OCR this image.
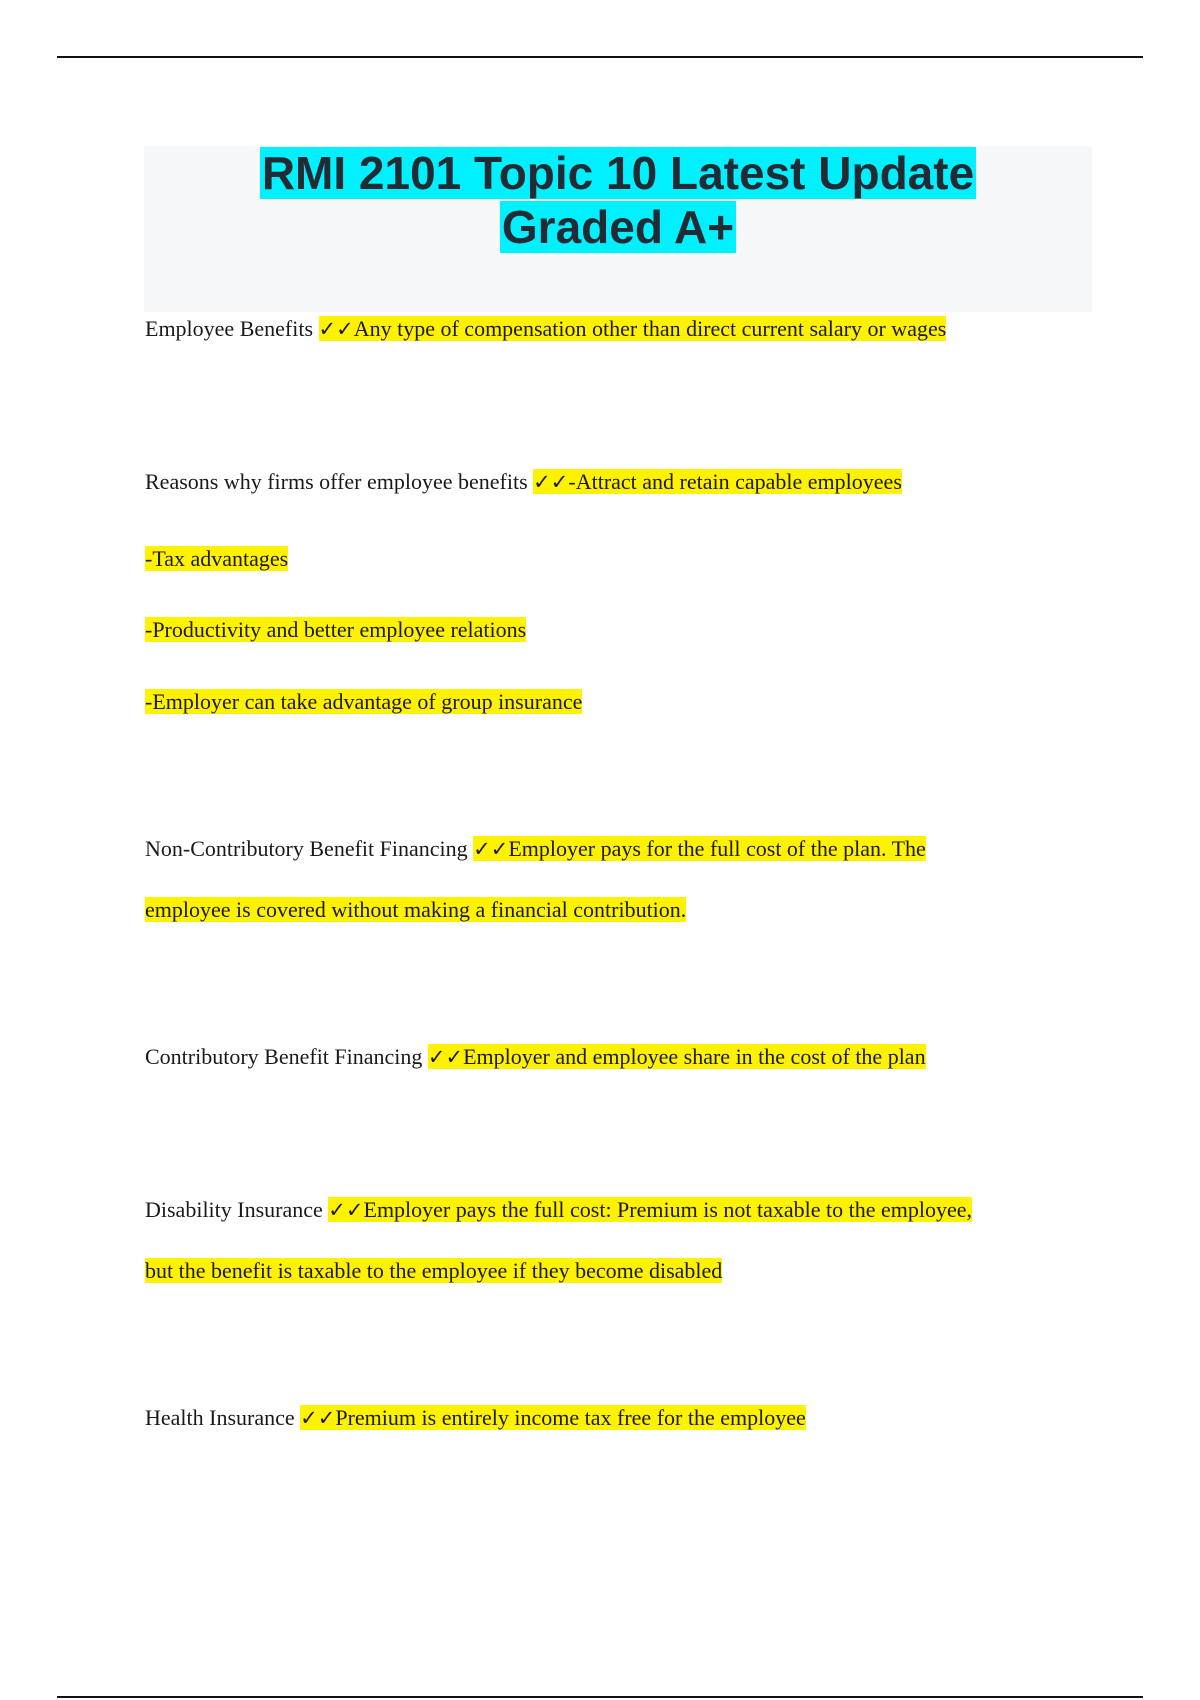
RMI 2101 Topic 10 Latest Update
Graded A+
Employee Benefits ✓✓Any type of compensation other than direct current salary or wages
Reasons why firms offer employee benefits ✓✓-Attract and retain capable employees
-Tax advantages
-Productivity and better employee relations
-Employer can take advantage of group insurance
Non-Contributory Benefit Financing ✓✓Employer pays for the full cost of the plan. The
employee is covered without making a financial contribution.
Contributory Benefit Financing ✓✓Employer and employee share in the cost of the plan
Disability Insurance ✓✓Employer pays the full cost: Premium is not taxable to the employee,
but the benefit is taxable to the employee if they become disabled
Health Insurance ✓✓Premium is entirely income tax free for the employee
